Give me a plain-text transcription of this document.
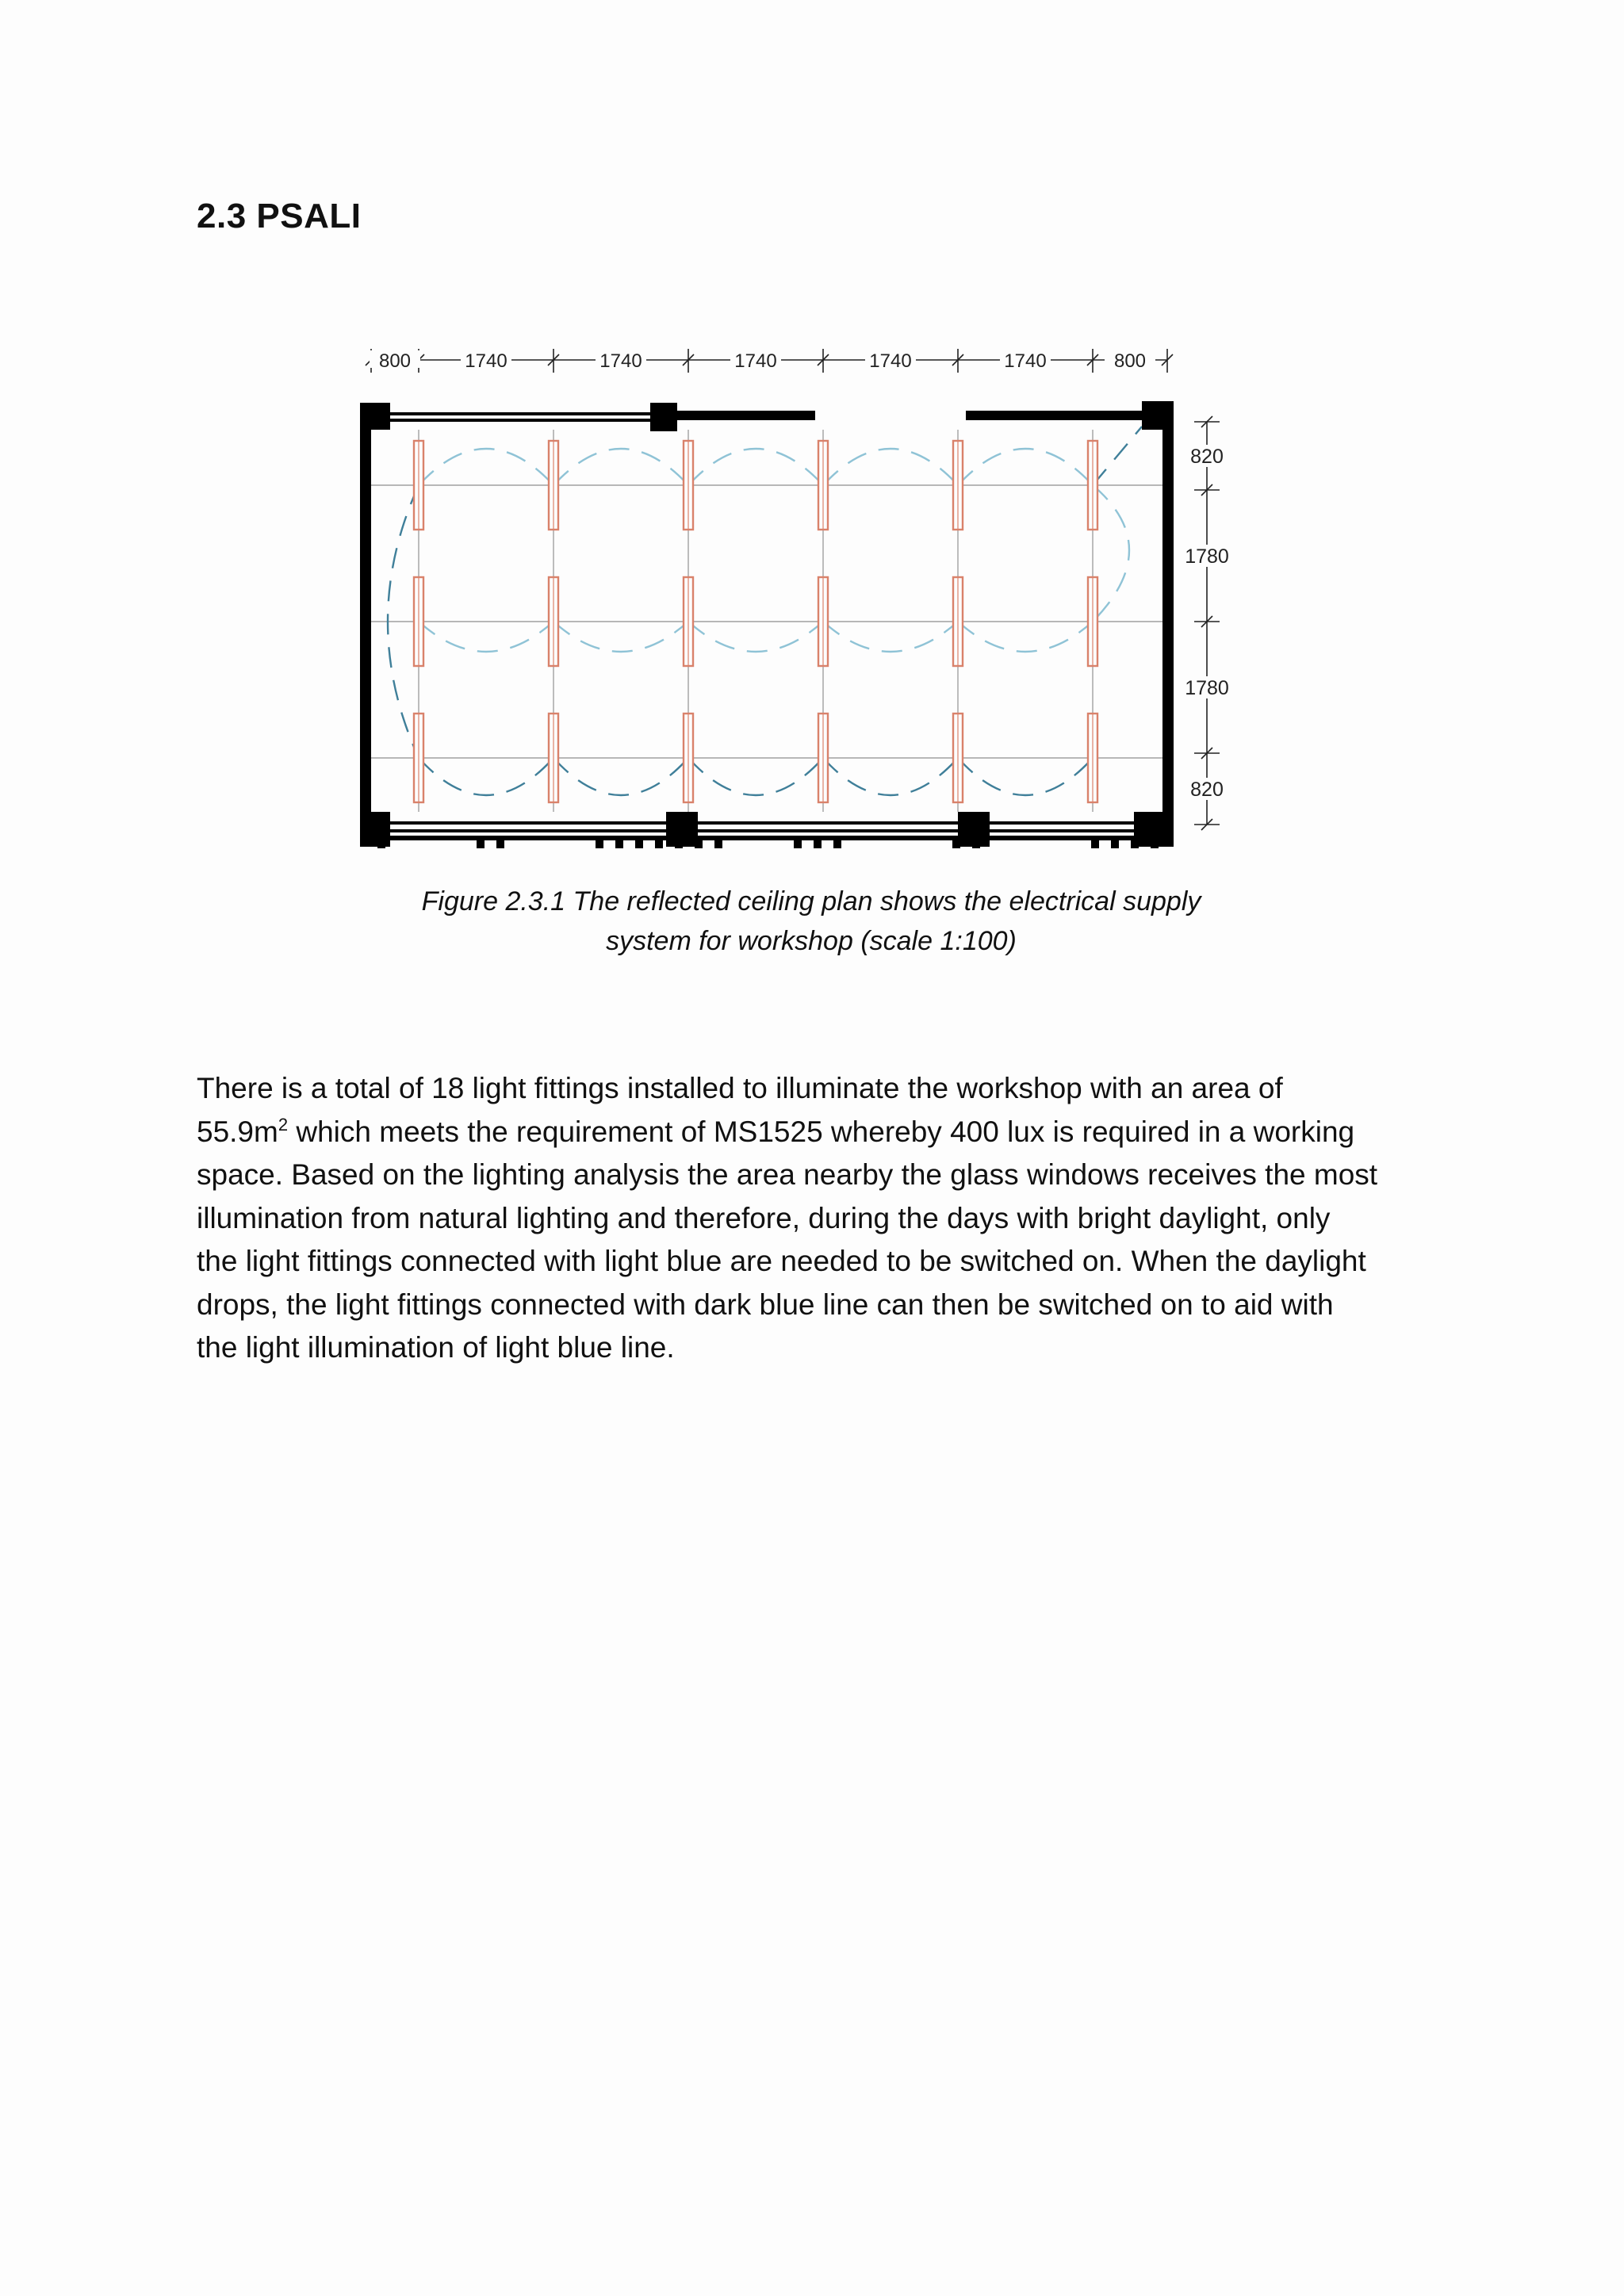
2.3 PSALI
800	1740	1740	1740	1740	1740	800
820
1780
1780
820

Figure 2.3.1 The reflected ceiling plan shows the electrical supply
system for workshop (scale 1:100)

There is a total of 18 light fittings installed to illuminate the workshop with an area of
$55.9m^2$ which meets the requirement of MS1525 whereby 400 lux is required in a working
space. Based on the lighting analysis the area nearby the glass windows receives the most
illumination from natural lighting and therefore, during the days with bright daylight, only
the light fittings connected with light blue are needed to be switched on. When the daylight
drops, the light fittings connected with dark blue line can then be switched on to aid with
the light illumination of light blue line.
